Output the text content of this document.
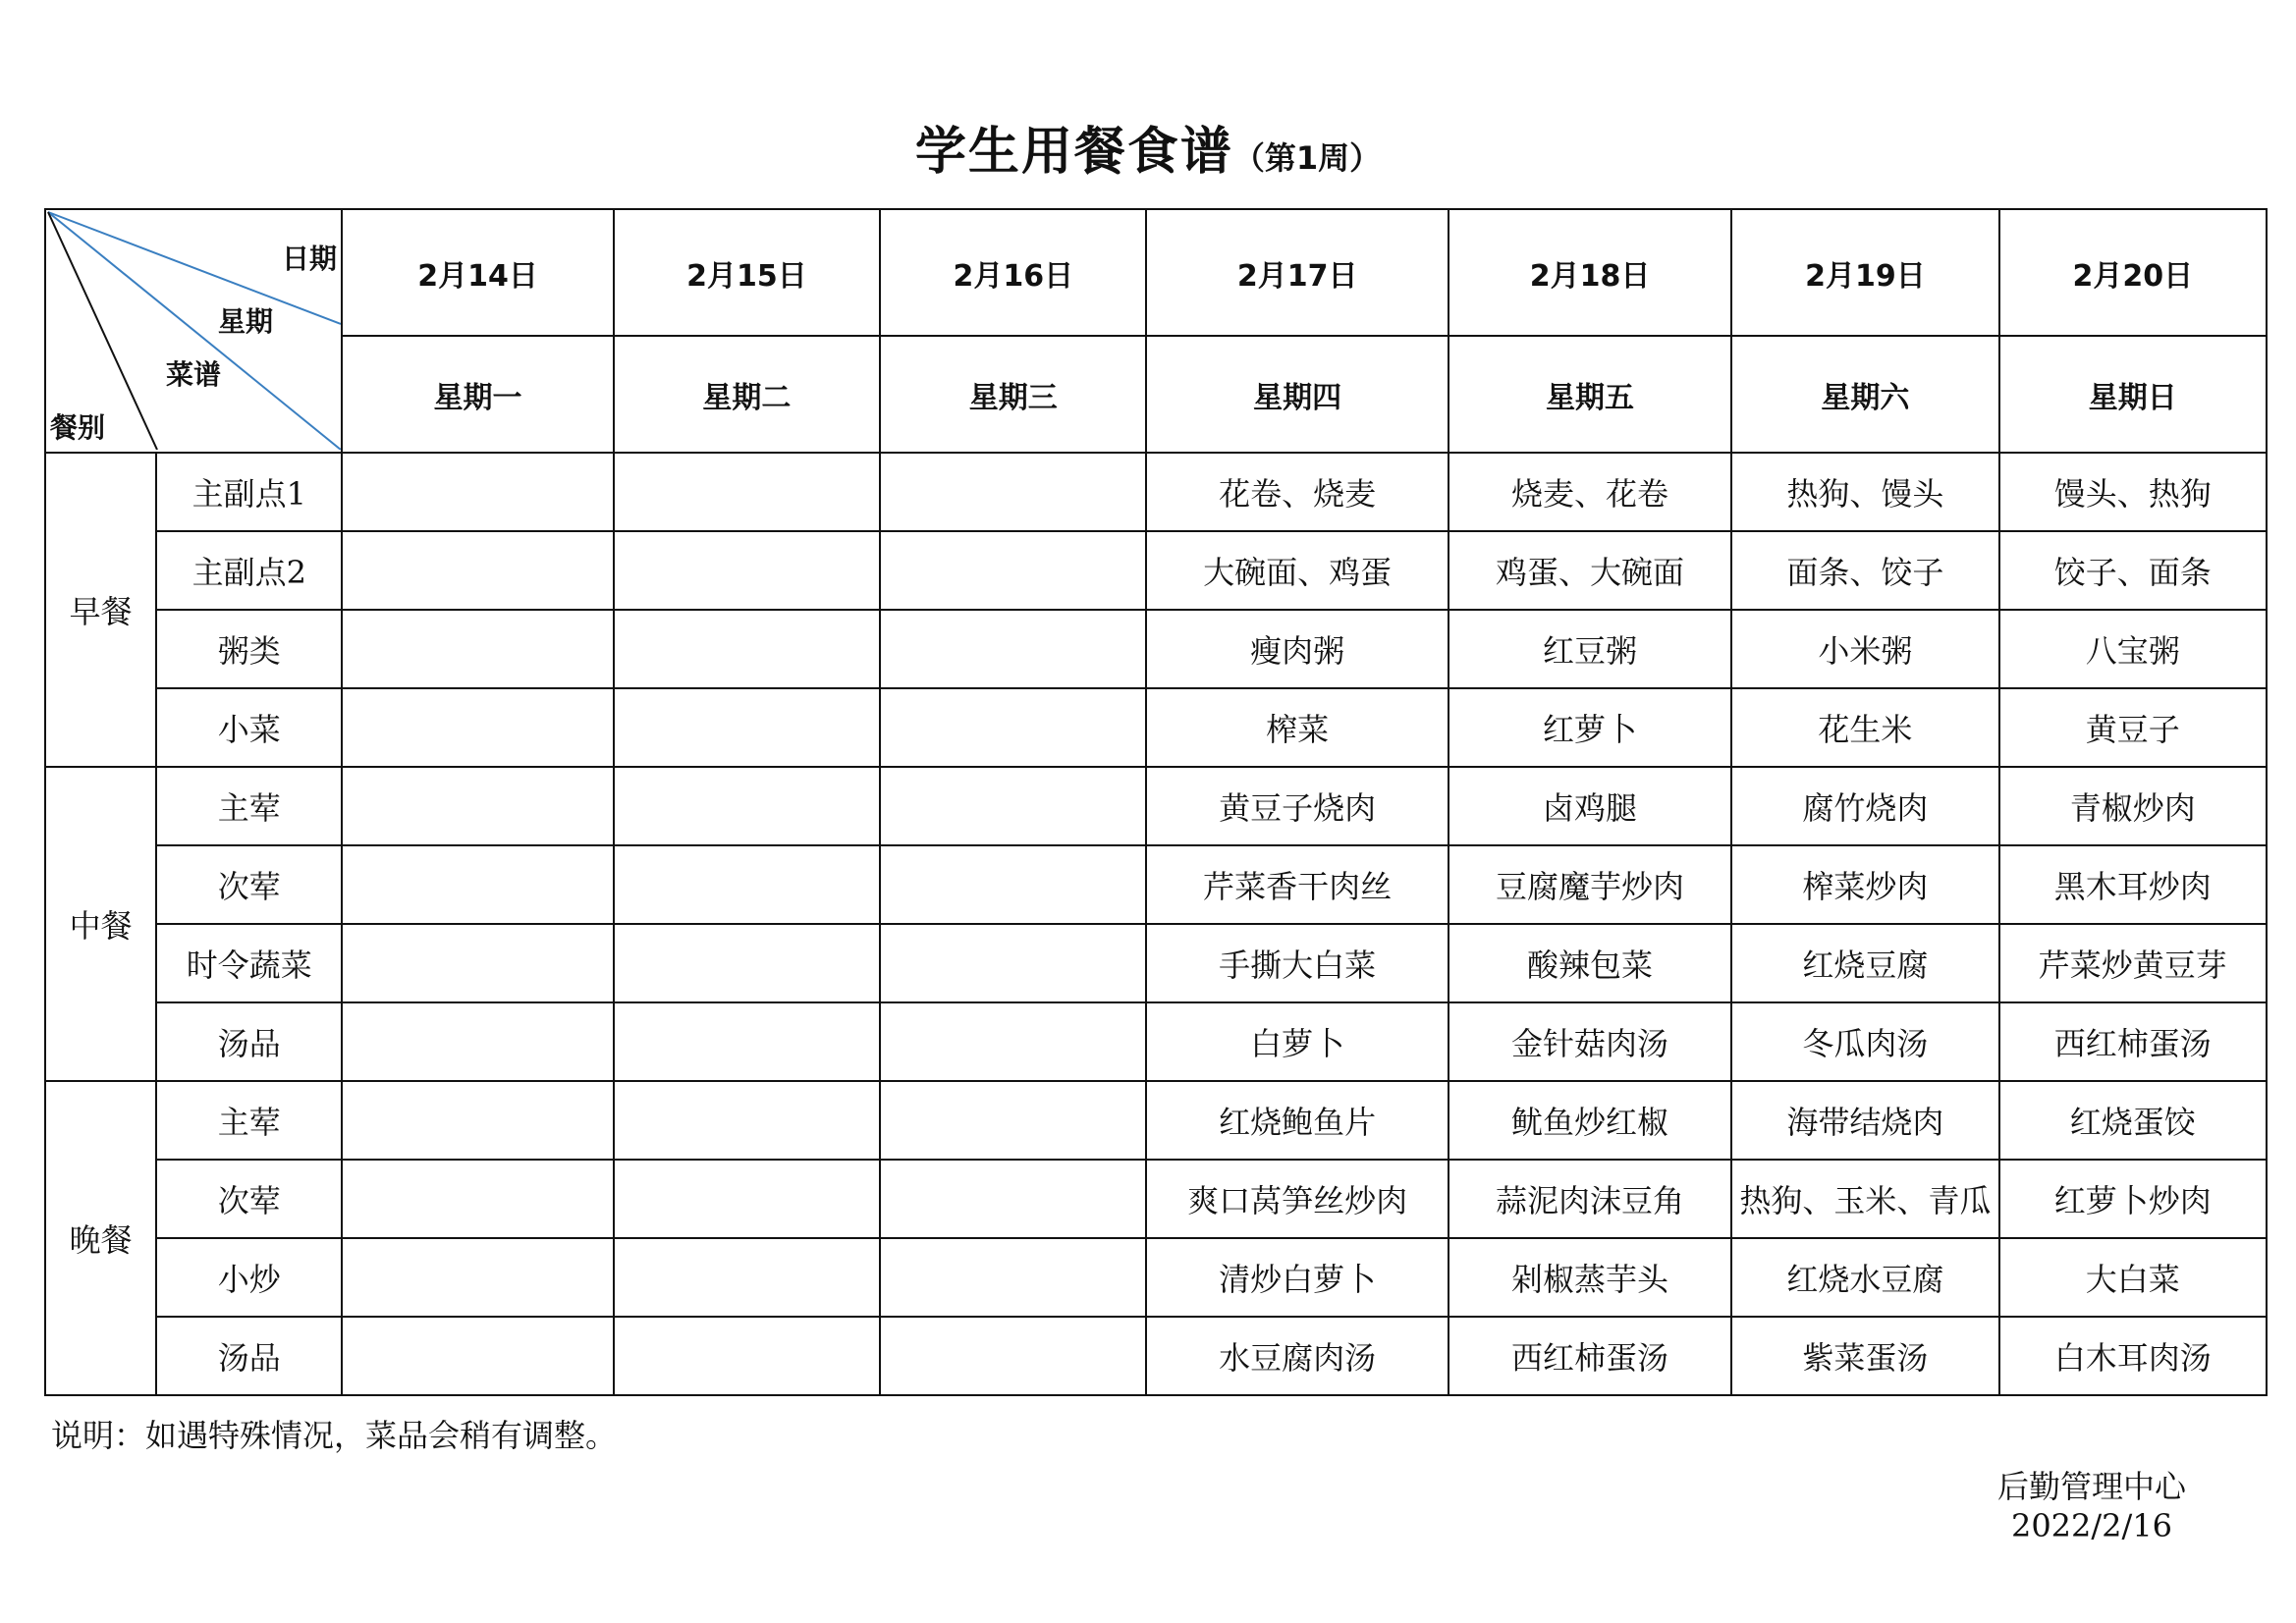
学生用餐食谱（第1周）
日期
星期
菜谱
餐别		2月14日	2月15日	2月16日	2月17日	2月18日	2月19日	2月20日
		星期一	星期二	星期三	星期四	星期五	星期六	星期日
早餐	主副点1				花卷、烧麦	烧麦、花卷	热狗、馒头	馒头、热狗
	主副点2				大碗面、鸡蛋	鸡蛋、大碗面	面条、饺子	饺子、面条
	粥类				瘦肉粥	红豆粥	小米粥	八宝粥
	小菜				榨菜	红萝卜	花生米	黄豆子
中餐	主荤				黄豆子烧肉	卤鸡腿	腐竹烧肉	青椒炒肉
	次荤				芹菜香干肉丝	豆腐魔芋炒肉	榨菜炒肉	黑木耳炒肉
	时令蔬菜				手撕大白菜	酸辣包菜	红烧豆腐	芹菜炒黄豆芽
	汤品				白萝卜	金针菇肉汤	冬瓜肉汤	西红柿蛋汤
晚餐	主荤				红烧鲍鱼片	鱿鱼炒红椒	海带结烧肉	红烧蛋饺
	次荤				爽口莴笋丝炒肉	蒜泥肉沫豆角	热狗、玉米、青瓜	红萝卜炒肉
	小炒				清炒白萝卜	剁椒蒸芋头	红烧水豆腐	大白菜
	汤品				水豆腐肉汤	西红柿蛋汤	紫菜蛋汤	白木耳肉汤
说明：如遇特殊情况，菜品会稍有调整。
后勤管理中心
2022/2/16
